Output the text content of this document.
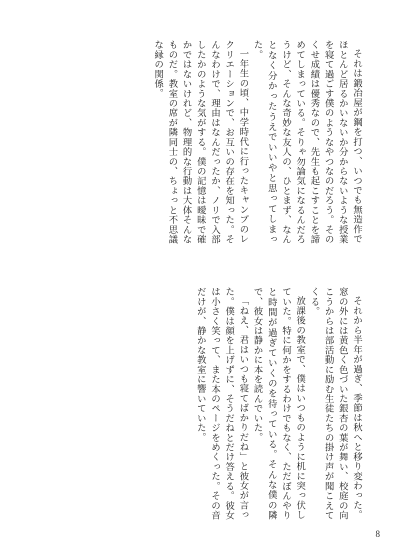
それは鍛冶屋が鋼を打つ、いつでも無造作でほとんど居るかいないか分からないような授業を寝て過ごす僕のようなやつなのだろう。そのくせ成績は優秀なので、先生も起こすことを諦めてしまっている。そりゃ勿論気になるんだろうけど、そんな奇妙な友人の、ひとまず、なんとなく分かったうえでいいやと思ってしまった。

一年生の頃、中学時代に行ったキャンプのレクリエーションで、お互いの存在を知った。そんなわけで、理由はなんだったか、ノリで入部したかのような気がする。僕の記憶は曖昧で確かではないけれど、物理的な行動は大体そんなものだ。教室の席が隣同士の、ちょっと不思議な縁の関係。

それから半年が過ぎ、季節は秋へと移り変わった。窓の外には黄色く色づいた銀杏の葉が舞い、校庭の向こうからは部活動に励む生徒たちの掛け声が聞こえてくる。

放課後の教室で、僕はいつものように机に突っ伏していた。特に何かをするわけでもなく、ただぼんやりと時間が過ぎていくのを待っている。そんな僕の隣で、彼女は静かに本を読んでいた。

「ねえ、君はいつも寝てばかりだね」と彼女が言った。僕は顔を上げずに、そうだねとだけ答える。彼女は小さく笑って、また本のページをめくった。その音だけが、静かな教室に響いていた。

8
